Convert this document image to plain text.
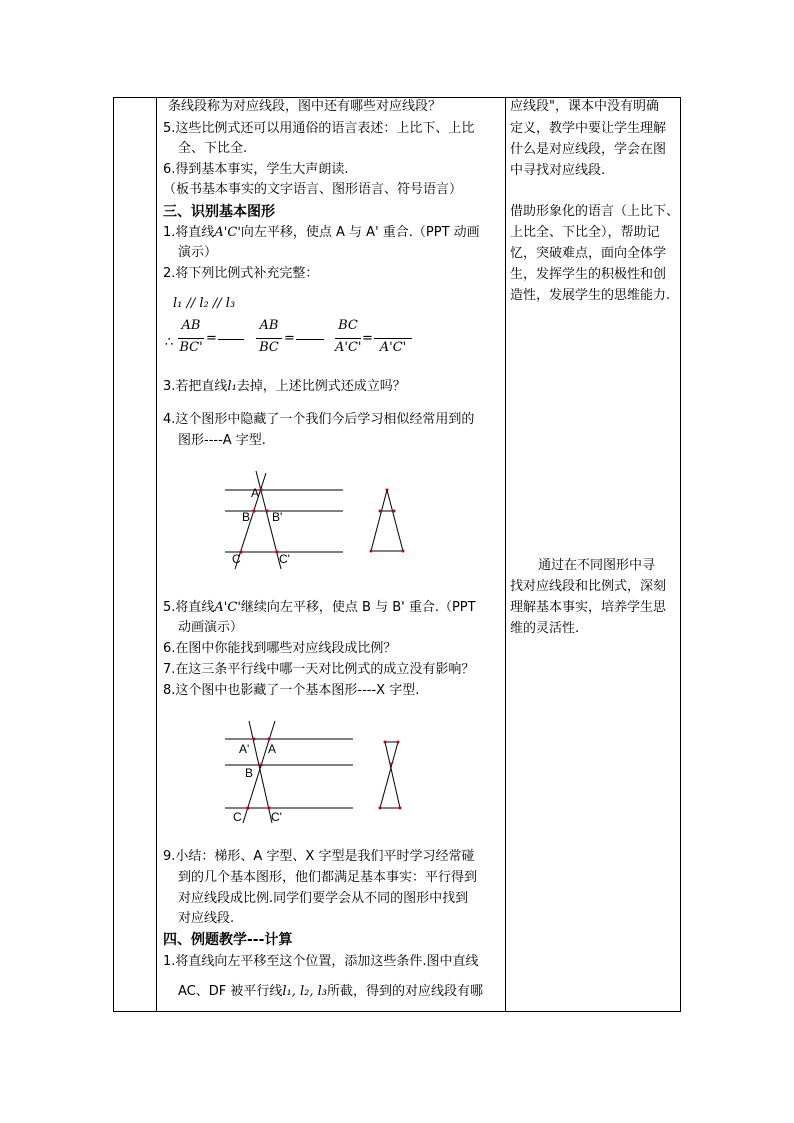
条线段称为对应线段，图中还有哪些对应线段？
5.这些比例式还可以用通俗的语言表述：上比下、上比
全、下比全.
6.得到基本事实，学生大声朗读.
（板书基本事实的文字语言、图形语言、符号语言）
三、识别基本图形
1.将直线A'C'向左平移，使点 A 与 A' 重合.（PPT 动画
演示）
2.将下列比例式补充完整：
l₁ // l₂ // l₃
∴
AB
BC'
=
AB
BC
=
BC
A'C'
=
A'C'
3.若把直线l₁去掉，上述比例式还成立吗？
4.这个图形中隐藏了一个我们今后学习相似经常用到的
图形----A 字型.
A
B B'
C	C'
5.将直线A'C'继续向左平移，使点 B 与 B' 重合.（PPT
动画演示）
6.在图中你能找到哪些对应线段成比例？
7.在这三条平行线中哪一天对比例式的成立没有影响？
8.这个图中也影藏了一个基本图形----X 字型.
A' A
B
C C'
9.小结：梯形、A 字型、X 字型是我们平时学习经常碰
到的几个基本图形，他们都满足基本事实：平行得到
对应线段成比例.同学们要学会从不同的图形中找到
对应线段.
四、例题教学---计算
1.将直线向左平移至这个位置，添加这些条件.图中直线
AC、DF 被平行线l₁, l₂, l₃所截，得到的对应线段有哪
应线段"，课本中没有明确
定义，教学中要让学生理解
什么是对应线段，学会在图
中寻找对应线段.
借助形象化的语言（上比下、
上比全、下比全），帮助记
忆，突破难点，面向全体学
生，发挥学生的积极性和创
造性，发展学生的思维能力.
通过在不同图形中寻
找对应线段和比例式，深刻
理解基本事实，培养学生思
维的灵活性.
